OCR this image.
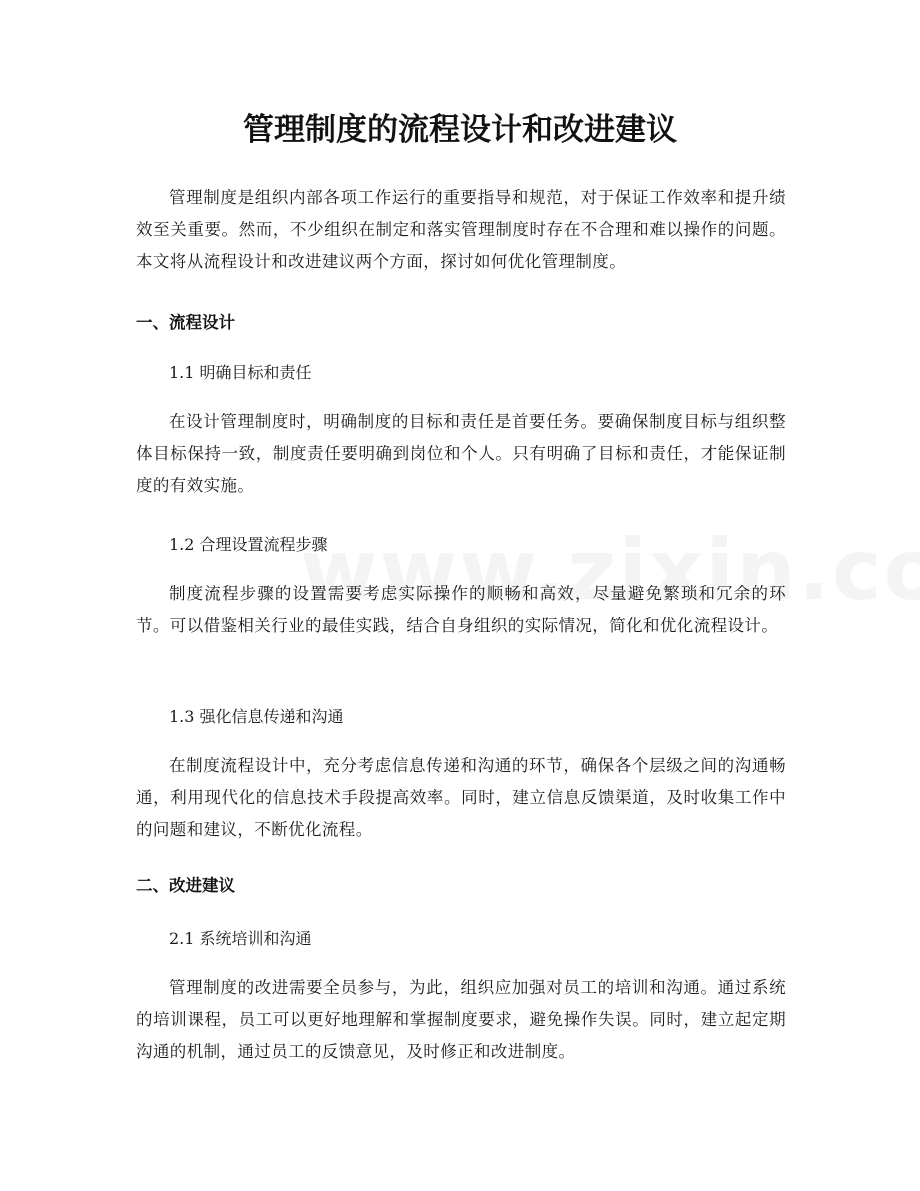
管理制度的流程设计和改进建议

管理制度是组织内部各项工作运行的重要指导和规范，对于保证工作效率和提升绩效至关重要。然而，不少组织在制定和落实管理制度时存在不合理和难以操作的问题。本文将从流程设计和改进建议两个方面，探讨如何优化管理制度。

一、流程设计
1.1 明确目标和责任

在设计管理制度时，明确制度的目标和责任是首要任务。要确保制度目标与组织整体目标保持一致，制度责任要明确到岗位和个人。只有明确了目标和责任，才能保证制度的有效实施。

1.2 合理设置流程步骤

制度流程步骤的设置需要考虑实际操作的顺畅和高效，尽量避免繁琐和冗余的环节。可以借鉴相关行业的最佳实践，结合自身组织的实际情况，简化和优化流程设计。

1.3 强化信息传递和沟通

在制度流程设计中，充分考虑信息传递和沟通的环节，确保各个层级之间的沟通畅通，利用现代化的信息技术手段提高效率。同时，建立信息反馈渠道，及时收集工作中的问题和建议，不断优化流程。

二、改进建议
2.1 系统培训和沟通

管理制度的改进需要全员参与，为此，组织应加强对员工的培训和沟通。通过系统的培训课程，员工可以更好地理解和掌握制度要求，避免操作失误。同时，建立起定期沟通的机制，通过员工的反馈意见，及时修正和改进制度。
